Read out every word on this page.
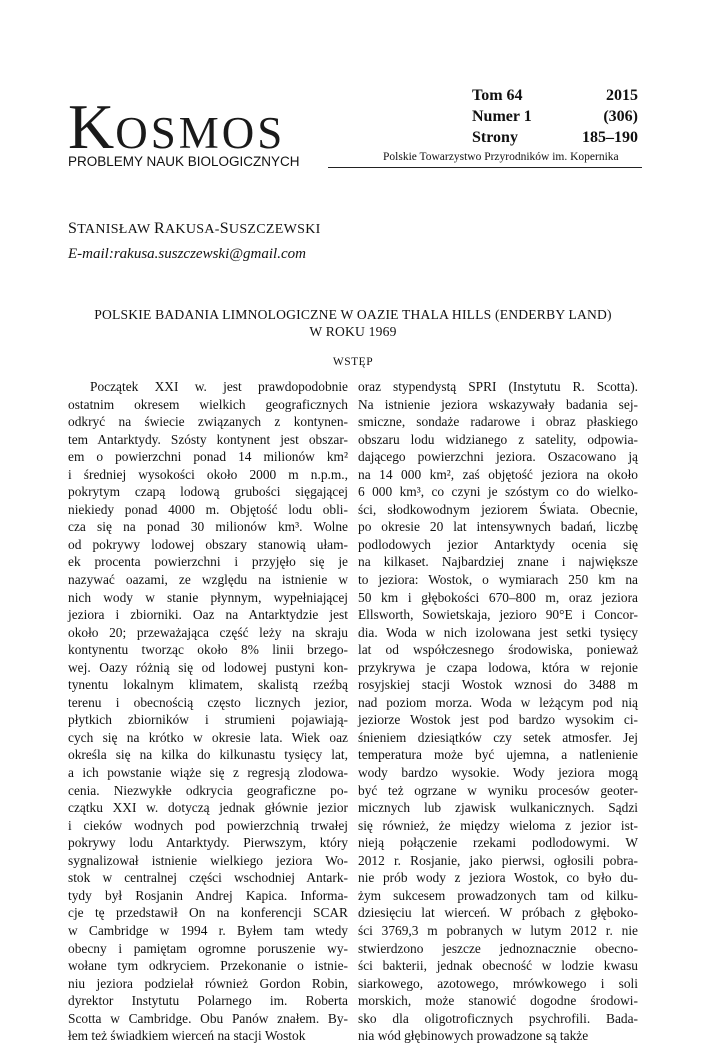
KOSMOS
PROBLEMY NAUK BIOLOGICZNYCH
Tom 64	2015
Numer 1	(306)
Strony	185–190
Polskie Towarzystwo Przyrodników im. Kopernika
STANISŁAW RAKUSA-SUSZCZEWSKI
E-mail:rakusa.suszczewski@gmail.com
POLSKIE BADANIA LIMNOLOGICZNE W OAZIE THALA HILLS (ENDERBY LAND)
W ROKU 1969
WSTĘP
Początek XXI w. jest prawdopodobnie
ostatnim okresem wielkich geograficznych
odkryć na świecie związanych z kontynen-
tem Antarktydy. Szósty kontynent jest obszar-
em o powierzchni ponad 14 milionów km²
i średniej wysokości około 2000 m n.p.m.,
pokrytym czapą lodową grubości sięgającej
niekiedy ponad 4000 m. Objętość lodu obli-
cza się na ponad 30 milionów km³. Wolne
od pokrywy lodowej obszary stanowią ułam-
ek procenta powierzchni i przyjęło się je
nazywać oazami, ze względu na istnienie w
nich wody w stanie płynnym, wypełniającej
jeziora i zbiorniki. Oaz na Antarktydzie jest
około 20; przeważająca część leży na skraju
kontynentu tworząc około 8% linii brzego-
wej. Oazy różnią się od lodowej pustyni kon-
tynentu lokalnym klimatem, skalistą rzeźbą
terenu i obecnością często licznych jezior,
płytkich zbiorników i strumieni pojawiają-
cych się na krótko w okresie lata. Wiek oaz
określa się na kilka do kilkunastu tysięcy lat,
a ich powstanie wiąże się z regresją zlodowa-
cenia. Niezwykłe odkrycia geograficzne po-
czątku XXI w. dotyczą jednak głównie jezior
i cieków wodnych pod powierzchnią trwałej
pokrywy lodu Antarktydy. Pierwszym, który
sygnalizował istnienie wielkiego jeziora Wo-
stok w centralnej części wschodniej Antark-
tydy był Rosjanin Andrej Kapica. Informa-
cje tę przedstawił On na konferencji SCAR
w Cambridge w 1994 r. Byłem tam wtedy
obecny i pamiętam ogromne poruszenie wy-
wołane tym odkryciem. Przekonanie o istnie-
niu jeziora podzielał również Gordon Robin,
dyrektor Instytutu Polarnego im. Roberta
Scotta w Cambridge. Obu Panów znałem. By-
łem też świadkiem wierceń na stacji Wostok
oraz stypendystą SPRI (Instytutu R. Scotta).
Na istnienie jeziora wskazywały badania sej-
smiczne, sondaże radarowe i obraz płaskiego
obszaru lodu widzianego z satelity, odpowia-
dającego powierzchni jeziora. Oszacowano ją
na 14 000 km², zaś objętość jeziora na około
6 000 km³, co czyni je szóstym co do wielko-
ści, słodkowodnym jeziorem Świata. Obecnie,
po okresie 20 lat intensywnych badań, liczbę
podlodowych jezior Antarktydy ocenia się
na kilkaset. Najbardziej znane i największe
to jeziora: Wostok, o wymiarach 250 km na
50 km i głębokości 670–800 m, oraz jeziora
Ellsworth, Sowietskaja, jezioro 90°E i Concor-
dia. Woda w nich izolowana jest setki tysięcy
lat od współczesnego środowiska, ponieważ
przykrywa je czapa lodowa, która w rejonie
rosyjskiej stacji Wostok wznosi do 3488 m
nad poziom morza. Woda w leżącym pod nią
jeziorze Wostok jest pod bardzo wysokim ci-
śnieniem dziesiątków czy setek atmosfer. Jej
temperatura może być ujemna, a natlenienie
wody bardzo wysokie. Wody jeziora mogą
być też ogrzane w wyniku procesów geoter-
micznych lub zjawisk wulkanicznych. Sądzi
się również, że między wieloma z jezior ist-
nieją połączenie rzekami podlodowymi. W
2012 r. Rosjanie, jako pierwsi, ogłosili pobra-
nie prób wody z jeziora Wostok, co było du-
żym sukcesem prowadzonych tam od kilku-
dziesięciu lat wierceń. W próbach z głęboko-
ści 3769,3 m pobranych w lutym 2012 r. nie
stwierdzono jeszcze jednoznacznie obecno-
ści bakterii, jednak obecność w lodzie kwasu
siarkowego, azotowego, mrówkowego i soli
morskich, może stanowić dogodne środowi-
sko dla oligotroficznych psychrofili. Bada-
nia wód głębinowych prowadzone są także
